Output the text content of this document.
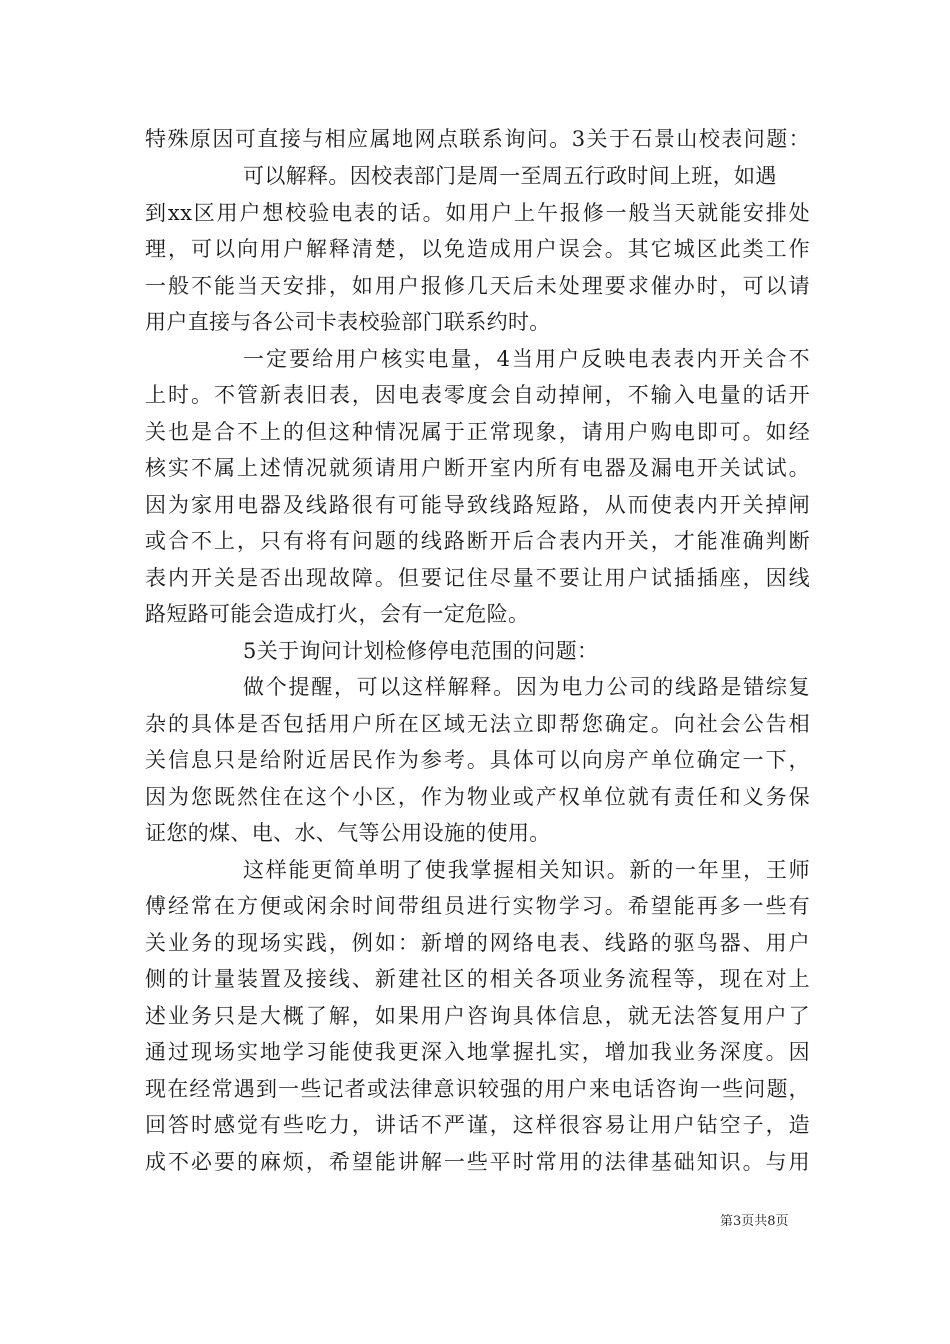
特殊原因可直接与相应属地网点联系询问。3关于石景山校表问题：
可以解释。因校表部门是周一至周五行政时间上班，如遇
到xx区用户想校验电表的话。如用户上午报修一般当天就能安排处
理，可以向用户解释清楚，以免造成用户误会。其它城区此类工作
一般不能当天安排，如用户报修几天后未处理要求催办时，可以请
用户直接与各公司卡表校验部门联系约时。
一定要给用户核实电量，4当用户反映电表表内开关合不
上时。不管新表旧表，因电表零度会自动掉闸，不输入电量的话开
关也是合不上的但这种情况属于正常现象，请用户购电即可。如经
核实不属上述情况就须请用户断开室内所有电器及漏电开关试试。
因为家用电器及线路很有可能导致线路短路，从而使表内开关掉闸
或合不上，只有将有问题的线路断开后合表内开关，才能准确判断
表内开关是否出现故障。但要记住尽量不要让用户试插插座，因线
路短路可能会造成打火，会有一定危险。
5关于询问计划检修停电范围的问题：
做个提醒，可以这样解释。因为电力公司的线路是错综复
杂的具体是否包括用户所在区域无法立即帮您确定。向社会公告相
关信息只是给附近居民作为参考。具体可以向房产单位确定一下，
因为您既然住在这个小区，作为物业或产权单位就有责任和义务保
证您的煤、电、水、气等公用设施的使用。
这样能更简单明了使我掌握相关知识。新的一年里，王师
傅经常在方便或闲余时间带组员进行实物学习。希望能再多一些有
关业务的现场实践，例如：新增的网络电表、线路的驱鸟器、用户
侧的计量装置及接线、新建社区的相关各项业务流程等，现在对上
述业务只是大概了解，如果用户咨询具体信息，就无法答复用户了
通过现场实地学习能使我更深入地掌握扎实，增加我业务深度。因
现在经常遇到一些记者或法律意识较强的用户来电话咨询一些问题，
回答时感觉有些吃力，讲话不严谨，这样很容易让用户钻空子，造
成不必要的麻烦，希望能讲解一些平时常用的法律基础知识。与用
第3页共8页
